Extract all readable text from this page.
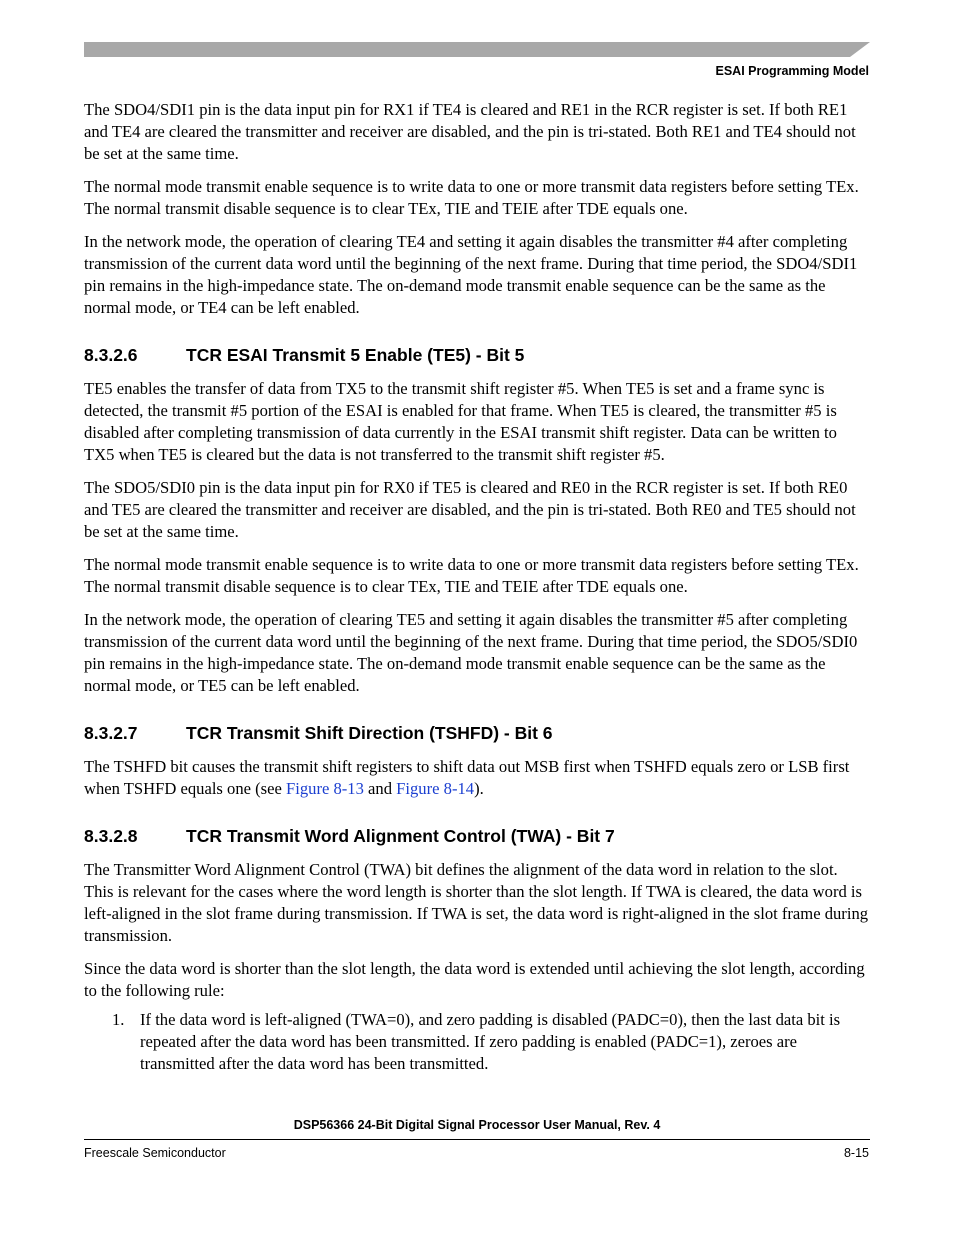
ESAI Programming Model

The SDO4/SDI1 pin is the data input pin for RX1 if TE4 is cleared and RE1 in the RCR register is set. If both RE1 and TE4 are cleared the transmitter and receiver are disabled, and the pin is tri-stated. Both RE1 and TE4 should not be set at the same time.

The normal mode transmit enable sequence is to write data to one or more transmit data registers before setting TEx. The normal transmit disable sequence is to clear TEx, TIE and TEIE after TDE equals one.

In the network mode, the operation of clearing TE4 and setting it again disables the transmitter #4 after completing transmission of the current data word until the beginning of the next frame. During that time period, the SDO4/SDI1 pin remains in the high-impedance state. The on-demand mode transmit enable sequence can be the same as the normal mode, or TE4 can be left enabled.

8.3.2.6	TCR ESAI Transmit 5 Enable (TE5) - Bit 5

TE5 enables the transfer of data from TX5 to the transmit shift register #5. When TE5 is set and a frame sync is detected, the transmit #5 portion of the ESAI is enabled for that frame. When TE5 is cleared, the transmitter #5 is disabled after completing transmission of data currently in the ESAI transmit shift register. Data can be written to TX5 when TE5 is cleared but the data is not transferred to the transmit shift register #5.

The SDO5/SDI0 pin is the data input pin for RX0 if TE5 is cleared and RE0 in the RCR register is set. If both RE0 and TE5 are cleared the transmitter and receiver are disabled, and the pin is tri-stated. Both RE0 and TE5 should not be set at the same time.

The normal mode transmit enable sequence is to write data to one or more transmit data registers before setting TEx. The normal transmit disable sequence is to clear TEx, TIE and TEIE after TDE equals one.

In the network mode, the operation of clearing TE5 and setting it again disables the transmitter #5 after completing transmission of the current data word until the beginning of the next frame. During that time period, the SDO5/SDI0 pin remains in the high-impedance state. The on-demand mode transmit enable sequence can be the same as the normal mode, or TE5 can be left enabled.

8.3.2.7	TCR Transmit Shift Direction (TSHFD) - Bit 6

The TSHFD bit causes the transmit shift registers to shift data out MSB first when TSHFD equals zero or LSB first when TSHFD equals one (see Figure 8-13 and Figure 8-14).

8.3.2.8	TCR Transmit Word Alignment Control (TWA) - Bit 7

The Transmitter Word Alignment Control (TWA) bit defines the alignment of the data word in relation to the slot. This is relevant for the cases where the word length is shorter than the slot length. If TWA is cleared, the data word is left-aligned in the slot frame during transmission. If TWA is set, the data word is right-aligned in the slot frame during transmission.

Since the data word is shorter than the slot length, the data word is extended until achieving the slot length, according to the following rule:

1. If the data word is left-aligned (TWA=0), and zero padding is disabled (PADC=0), then the last data bit is repeated after the data word has been transmitted. If zero padding is enabled (PADC=1), zeroes are transmitted after the data word has been transmitted.
DSP56366 24-Bit Digital Signal Processor User Manual, Rev. 4
Freescale Semiconductor	8-15
